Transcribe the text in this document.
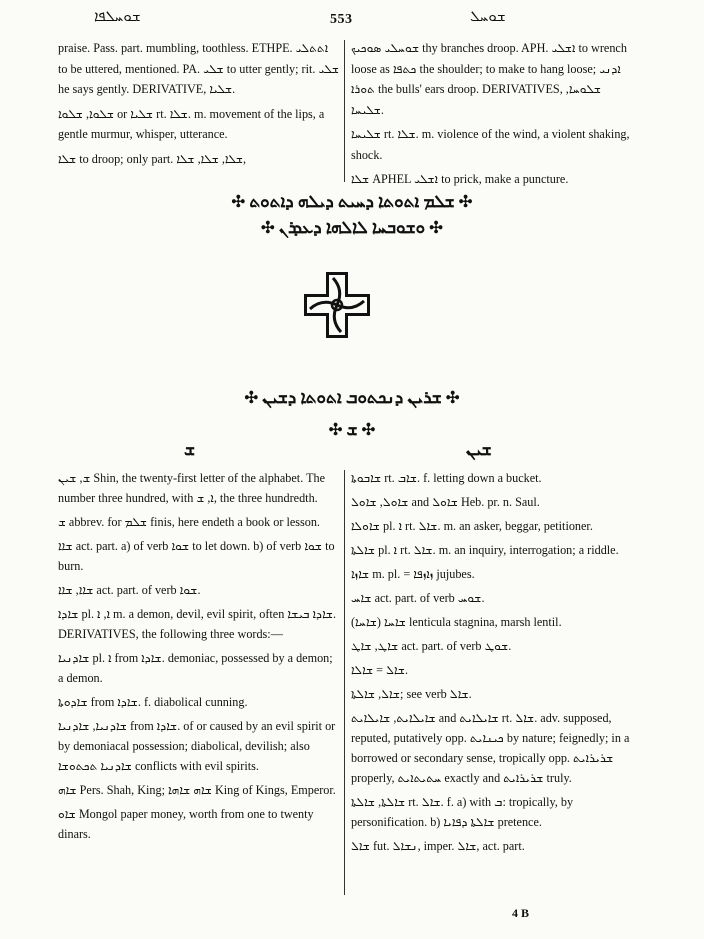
ܫܘܚܠܦܐ	553	ܫܘܚܠ

praise. Pass. part. mumbling, toothless. ETHPE. ܐܬܬܠܝ to be uttered, mentioned. PA. ܫܠܝ to utter gently; rit. ܫܠܝ he says gently. DERIVATIVE, ܫܠܝܐ.

ܫܠܘܐ, ܫܠܘܐ or ܫܠܝܐ rt. ܫܠܐ. m. movement of the lips, a gentle murmur, whisper, utterance.

ܫܠܐ to droop; only part. ܫܠܐ, ܫܠܐ, ܫܠܐ,

ܫܘܚܠܝ ܣܘܟܝܟ thy branches droop. APH. ܐܫܠܝ to wrench loose as ܟܬܦܐ the shoulder; to make to hang loose; ܐܕܢܝ ܬܘܪܐ the bulls' ears droop. DERIVATIVES, ܫܠܘܚܐ, ܫܠܝܚܐ.

ܫܠܝܚܐ rt. ܫܠܐ. m. violence of the wind, a violent shaking, shock.

ܫܠܐ APHEL ܐܫܠܝ to prick, make a puncture.

✣ ܫܠܡ ܐܬܘܬܐ ܕܚܝܬ ܕܝܠܗ ܕܐܬܘܬ ✣
✣ ܘܫܘܒܚܐ ܠܐܠܗܐ ܕܥܕܪܢ ✣
✣ ܫܪܝܢ ܕܢܟܬܘܒ ܐܬܘܬܐ ܕܫܝܢ ✣
✣ ܫ ✣
ܫ	ܫܝܢ

ܫ, ܫܝܢ Shin, the twenty-first letter of the alphabet. The number three hundred, with ܐ, ܫ, the three hundredth.

ܫ abbrev. for ܫܠܡ finis, here endeth a book or lesson.

ܫܐܐ act. part. a) of verb ܫܘܐ to let down. b) of verb ܫܘܐ to burn.

ܫܐܐ, ܫܐܐ act. part. of verb ܫܘܐ.

ܫܐܕܐ pl. ܐ, ܐ m. a demon, devil, evil spirit, often ܫܐܕܐ ܒܝܫܐ. DERIVATIVES, the following three words:—

ܫܐܕܢܝܐ pl. ܐ from ܫܐܕܐ. demoniac, possessed by a demon; a demon.

ܫܐܕܘܬܐ from ܫܐܕܐ. f. diabolical cunning.

ܫܐܕܢܝܐ, ܫܐܕܢܝܐ from ܫܐܕܐ. of or caused by an evil spirit or by demoniacal possession; diabolical, devilish; also ܫܐܕܢܝܐ ܬܟܬܘܫܐ conflicts with evil spirits.

ܫܐܗ Pers. Shah, King; ܫܐܗ ܫܐܗܐ King of Kings, Emperor.

ܫܐܘ Mongol paper money, worth from one to twenty dinars.

ܫܐܒܘܬܐ rt. ܫܐܒ. f. letting down a bucket.

ܫܐܘܠ, ܫܐܘܠ and ܫܐܘܠ Heb. pr. n. Saul.

ܫܐܘܠܐ pl. ܐ rt. ܫܐܠ. m. an asker, beggar, petitioner.

ܫܐܠܬܐ pl. ܐ rt. ܫܐܠ. m. an inquiry, interrogation; a riddle.

ܫܐܙܐ m. pl. = ܙܐܙܦܐ jujubes.

ܫܐܚ act. part. of verb ܫܘܚ.

ܫܐܚܐ (ܫܐܚܐ) lenticula stagnina, marsh lentil.

ܫܐܛ, ܫܐܛ act. part. of verb ܫܘܛ.

ܫܐܠ = ܫܐܠܐ.

ܫܐܠ, ܫܐܠܬܐ; see verb ܫܐܠ.

ܫܐܝܠܐܝܬ, ܫܐܝܠܐܝܬ and ܫܐܝܠܐܝܬ rt. ܫܐܠ. adv. supposed, reputed, putatively opp. ܟܝܢܐܝܬ by nature; feignedly; in a borrowed or secondary sense, tropically opp. ܫܪܝܪܐܝܬ properly, ܚܬܝܬܐܝܬ exactly and ܫܪܝܪܐܝܬ truly.

ܫܐܠܬܐ, ܫܐܠܬܐ rt. ܫܐܠ. f. a) with ܒ: tropically, by personification. b) ܫܐܠܬܐ ܕܦܐܝܐ pretence.

ܫܐܠ fut. ܢܫܐܠ, imper. ܫܐܠ, act. part.

4 B
